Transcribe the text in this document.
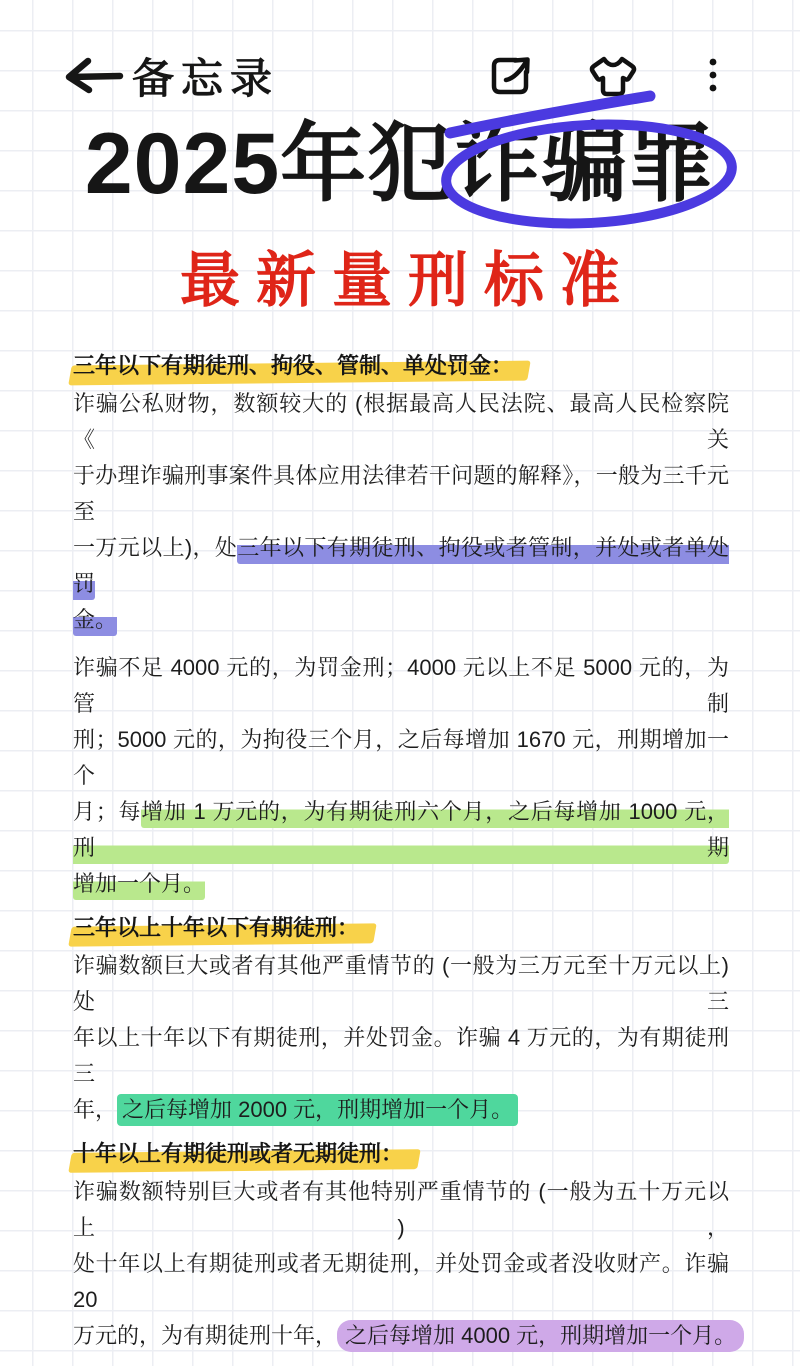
备忘录
2025年犯诈骗罪
最新量刑标准
三年以下有期徒刑、拘役、管制、单处罚金：
诈骗公私财物，数额较大的 (根据最高人民法院、最高人民检察院《关
于办理诈骗刑事案件具体应用法律若干问题的解释》，一般为三千元至
一万元以上)，处三年以下有期徒刑、拘役或者管制，并处或者单处罚
金。
诈骗不足 4000 元的，为罚金刑；4000 元以上不足 5000 元的，为管制
刑；5000 元的，为拘役三个月，之后每增加 1670 元，刑期增加一个
月；每增加 1 万元的，为有期徒刑六个月，之后每增加 1000 元，刑期
增加一个月。
三年以上十年以下有期徒刑：
诈骗数额巨大或者有其他严重情节的 (一般为三万元至十万元以上) 处三
年以上十年以下有期徒刑，并处罚金。诈骗 4 万元的，为有期徒刑三
年， 之后每增加 2000 元，刑期增加一个月。
十年以上有期徒刑或者无期徒刑：
诈骗数额特别巨大或者有其他特别严重情节的 (一般为五十万元以上)，
处十年以上有期徒刑或者无期徒刑，并处罚金或者没收财产。诈骗 20
万元的，为有期徒刑十年， 之后每增加 4000 元，刑期增加一个月。
